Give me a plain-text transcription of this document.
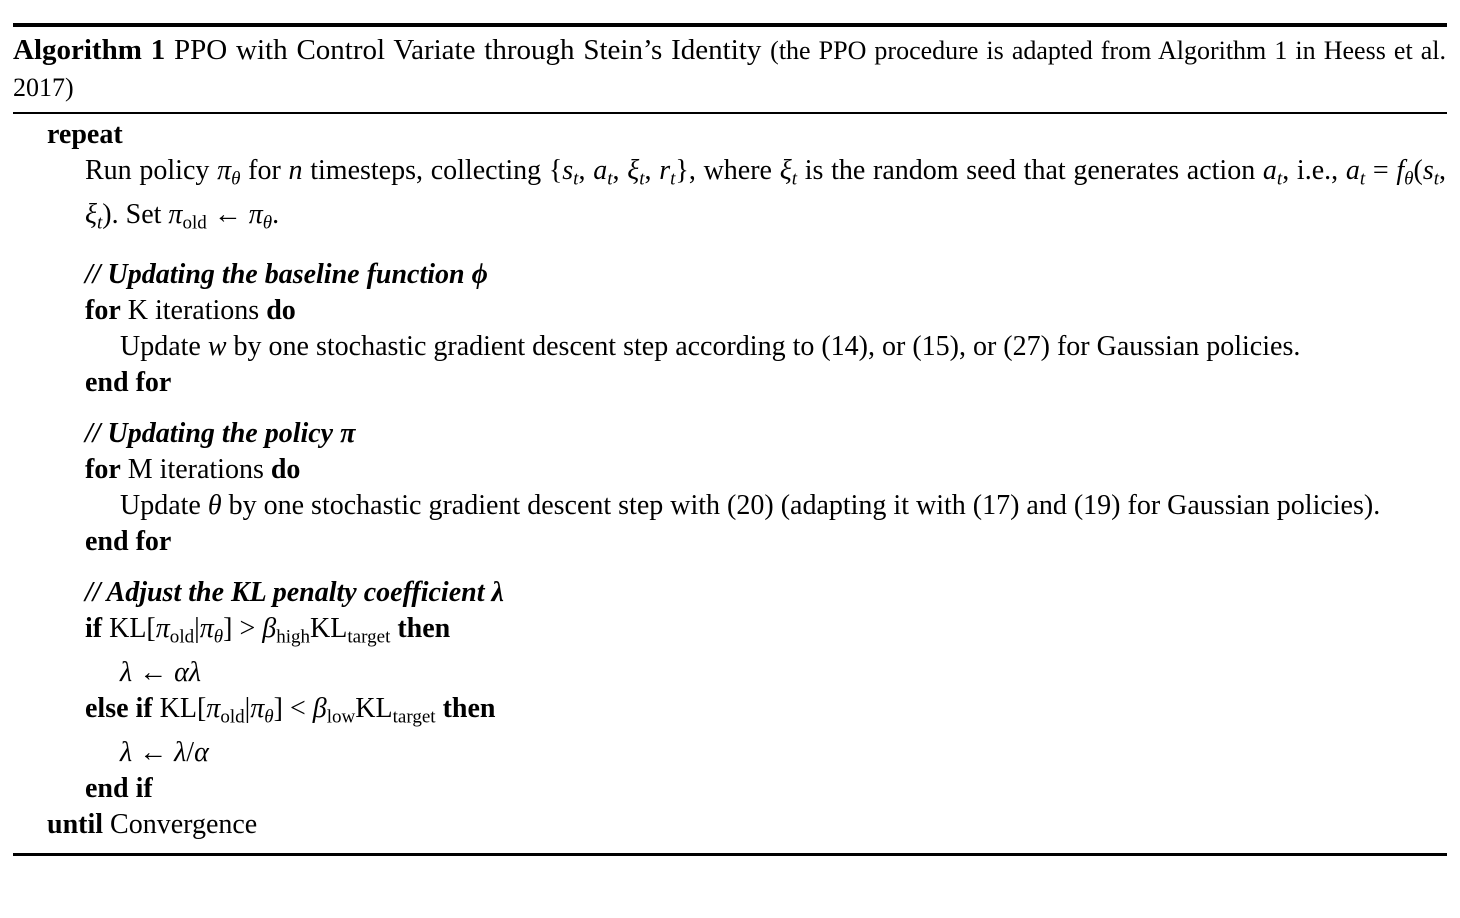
Algorithm 1 PPO with Control Variate through Stein’s Identity (the PPO procedure is adapted from Algorithm 1 in Heess et al. 2017)
repeat
Run policy πθ for n timesteps, collecting {st, at, ξt, rt}, where ξt is the random seed that generates action at, i.e., at = fθ(st, ξt). Set πold ← πθ.
// Updating the baseline function ϕ
for K iterations do
Update w by one stochastic gradient descent step according to (14), or (15), or (27) for Gaussian policies.
end for
// Updating the policy π
for M iterations do
Update θ by one stochastic gradient descent step with (20) (adapting it with (17) and (19) for Gaussian policies).
end for
// Adjust the KL penalty coefficient λ
if KL[πold|πθ] > βhighKLtarget then
λ ← αλ
else if KL[πold|πθ] < βlowKLtarget then
λ ← λ/α
end if
until Convergence
